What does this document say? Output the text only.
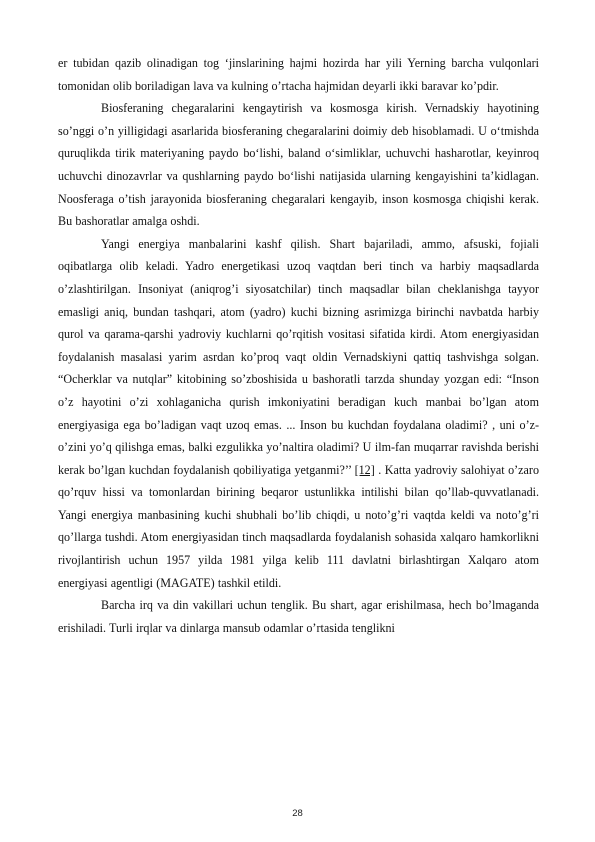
er tubidan qazib olinadigan tog ʻjinslarining hajmi hozirda har yili Yerning barcha vulqonlari tomonidan olib boriladigan lava va kulning o’rtacha hajmidan deyarli ikki baravar ko’pdir.

Biosferaning chegaralarini kengaytirish va kosmosga kirish. Vernadskiy hayotining so’nggi o’n yilligidagi asarlarida biosferaning chegaralarini doimiy deb hisoblamadi. U oʻtmishda quruqlikda tirik materiyaning paydo boʻlishi, baland oʻsimliklar, uchuvchi hasharotlar, keyinroq uchuvchi dinozavrlar va qushlarning paydo boʻlishi natijasida ularning kengayishini taʼkidlagan. Noosferaga o’tish jarayonida biosferaning chegaralari kengayib, inson kosmosga chiqishi kerak. Bu bashoratlar amalga oshdi.

Yangi energiya manbalarini kashf qilish. Shart bajariladi, ammo, afsuski, fojiali oqibatlarga olib keladi. Yadro energetikasi uzoq vaqtdan beri tinch va harbiy maqsadlarda o’zlashtirilgan. Insoniyat (aniqrog’i siyosatchilar) tinch maqsadlar bilan cheklanishga tayyor emasligi aniq, bundan tashqari, atom (yadro) kuchi bizning asrimizga birinchi navbatda harbiy qurol va qarama-qarshi yadroviy kuchlarni qo’rqitish vositasi sifatida kirdi. Atom energiyasidan foydalanish masalasi yarim asrdan ko’proq vaqt oldin Vernadskiyni qattiq tashvishga solgan. “Ocherklar va nutqlar” kitobining so’zboshisida u bashoratli tarzda shunday yozgan edi: “Inson o’z hayotini o’zi xohlaganicha qurish imkoniyatini beradigan kuch manbai bo’lgan atom energiyasiga ega bo’ladigan vaqt uzoq emas. ... Inson bu kuchdan foydalana oladimi? , uni o’z-o’zini yo’q qilishga emas, balki ezgulikka yo’naltira oladimi? U ilm-fan muqarrar ravishda berishi kerak bo’lgan kuchdan foydalanish qobiliyatiga yetganmi?’’ [12] . Katta yadroviy salohiyat o’zaro qo’rquv hissi va tomonlardan birining beqaror ustunlikka intilishi bilan qo’llab-quvvatlanadi. Yangi energiya manbasining kuchi shubhali bo’lib chiqdi, u noto’g’ri vaqtda keldi va noto’g’ri qo’llarga tushdi. Atom energiyasidan tinch maqsadlarda foydalanish sohasida xalqaro hamkorlikni rivojlantirish uchun 1957 yilda 1981 yilga kelib 111 davlatni birlashtirgan Xalqaro atom energiyasi agentligi (MAGATE) tashkil etildi.

Barcha irq va din vakillari uchun tenglik. Bu shart, agar erishilmasa, hech bo’lmaganda erishiladi. Turli irqlar va dinlarga mansub odamlar o’rtasida tenglikni

28
